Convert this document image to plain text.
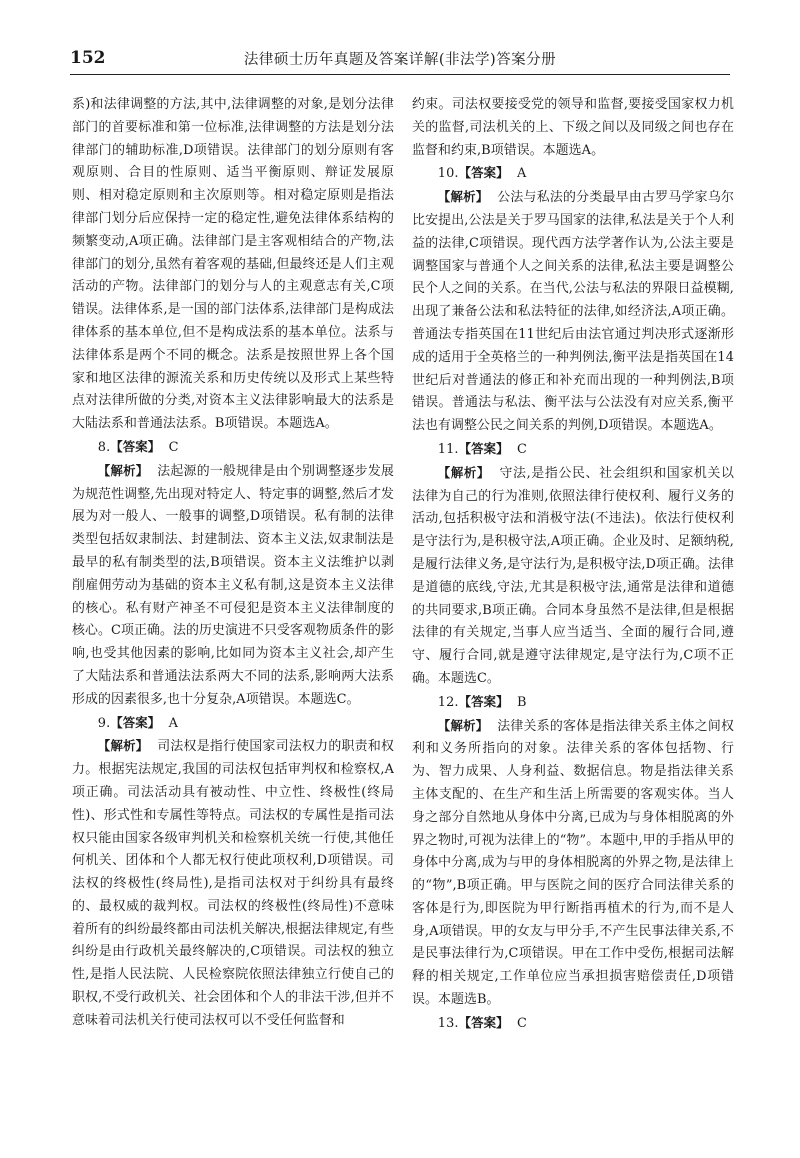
152	法律硕士历年真题及答案详解(非法学)答案分册

系)和法律调整的方法,其中,法律调整的对象,是划分法律部门的首要标准和第一位标准,法律调整的方法是划分法律部门的辅助标准,D项错误。法律部门的划分原则有客观原则、合目的性原则、适当平衡原则、辩证发展原则、相对稳定原则和主次原则等。相对稳定原则是指法律部门划分后应保持一定的稳定性,避免法律体系结构的频繁变动,A项正确。法律部门是主客观相结合的产物,法律部门的划分,虽然有着客观的基础,但最终还是人们主观活动的产物。法律部门的划分与人的主观意志有关,C项错误。法律体系,是一国的部门法体系,法律部门是构成法律体系的基本单位,但不是构成法系的基本单位。法系与法律体系是两个不同的概念。法系是按照世界上各个国家和地区法律的源流关系和历史传统以及形式上某些特点对法律所做的分类,对资本主义法律影响最大的法系是大陆法系和普通法法系。B项错误。本题选A。

8.【答案】 C

【解析】 法起源的一般规律是由个别调整逐步发展为规范性调整,先出现对特定人、特定事的调整,然后才发展为对一般人、一般事的调整,D项错误。私有制的法律类型包括奴隶制法、封建制法、资本主义法,奴隶制法是最早的私有制类型的法,B项错误。资本主义法维护以剥削雇佣劳动为基础的资本主义私有制,这是资本主义法律的核心。私有财产神圣不可侵犯是资本主义法律制度的核心。C项正确。法的历史演进不只受客观物质条件的影响,也受其他因素的影响,比如同为资本主义社会,却产生了大陆法系和普通法法系两大不同的法系,影响两大法系形成的因素很多,也十分复杂,A项错误。本题选C。

9.【答案】 A

【解析】 司法权是指行使国家司法权力的职责和权力。根据宪法规定,我国的司法权包括审判权和检察权,A项正确。司法活动具有被动性、中立性、终极性(终局性)、形式性和专属性等特点。司法权的专属性是指司法权只能由国家各级审判机关和检察机关统一行使,其他任何机关、团体和个人都无权行使此项权利,D项错误。司法权的终极性(终局性),是指司法权对于纠纷具有最终的、最权威的裁判权。司法权的终极性(终局性)不意味着所有的纠纷最终都由司法机关解决,根据法律规定,有些纠纷是由行政机关最终解决的,C项错误。司法权的独立性,是指人民法院、人民检察院依照法律独立行使自己的职权,不受行政机关、社会团体和个人的非法干涉,但并不意味着司法机关行使司法权可以不受任何监督和

约束。司法权要接受党的领导和监督,要接受国家权力机关的监督,司法机关的上、下级之间以及同级之间也存在监督和约束,B项错误。本题选A。

10.【答案】 A

【解析】 公法与私法的分类最早由古罗马学家乌尔比安提出,公法是关于罗马国家的法律,私法是关于个人利益的法律,C项错误。现代西方法学著作认为,公法主要是调整国家与普通个人之间关系的法律,私法主要是调整公民个人之间的关系。在当代,公法与私法的界限日益模糊,出现了兼备公法和私法特征的法律,如经济法,A项正确。普通法专指英国在11世纪后由法官通过判决形式逐渐形成的适用于全英格兰的一种判例法,衡平法是指英国在14世纪后对普通法的修正和补充而出现的一种判例法,B项错误。普通法与私法、衡平法与公法没有对应关系,衡平法也有调整公民之间关系的判例,D项错误。本题选A。

11.【答案】 C

【解析】 守法,是指公民、社会组织和国家机关以法律为自己的行为准则,依照法律行使权利、履行义务的活动,包括积极守法和消极守法(不违法)。依法行使权利是守法行为,是积极守法,A项正确。企业及时、足额纳税,是履行法律义务,是守法行为,是积极守法,D项正确。法律是道德的底线,守法,尤其是积极守法,通常是法律和道德的共同要求,B项正确。合同本身虽然不是法律,但是根据法律的有关规定,当事人应当适当、全面的履行合同,遵守、履行合同,就是遵守法律规定,是守法行为,C项不正确。本题选C。

12.【答案】 B

【解析】 法律关系的客体是指法律关系主体之间权利和义务所指向的对象。法律关系的客体包括物、行为、智力成果、人身利益、数据信息。物是指法律关系主体支配的、在生产和生活上所需要的客观实体。当人身之部分自然地从身体中分离,已成为与身体相脱离的外界之物时,可视为法律上的“物”。本题中,甲的手指从甲的身体中分离,成为与甲的身体相脱离的外界之物,是法律上的“物”,B项正确。甲与医院之间的医疗合同法律关系的客体是行为,即医院为甲行断指再植术的行为,而不是人身,A项错误。甲的女友与甲分手,不产生民事法律关系,不是民事法律行为,C项错误。甲在工作中受伤,根据司法解释的相关规定,工作单位应当承担损害赔偿责任,D项错误。本题选B。

13.【答案】 C
